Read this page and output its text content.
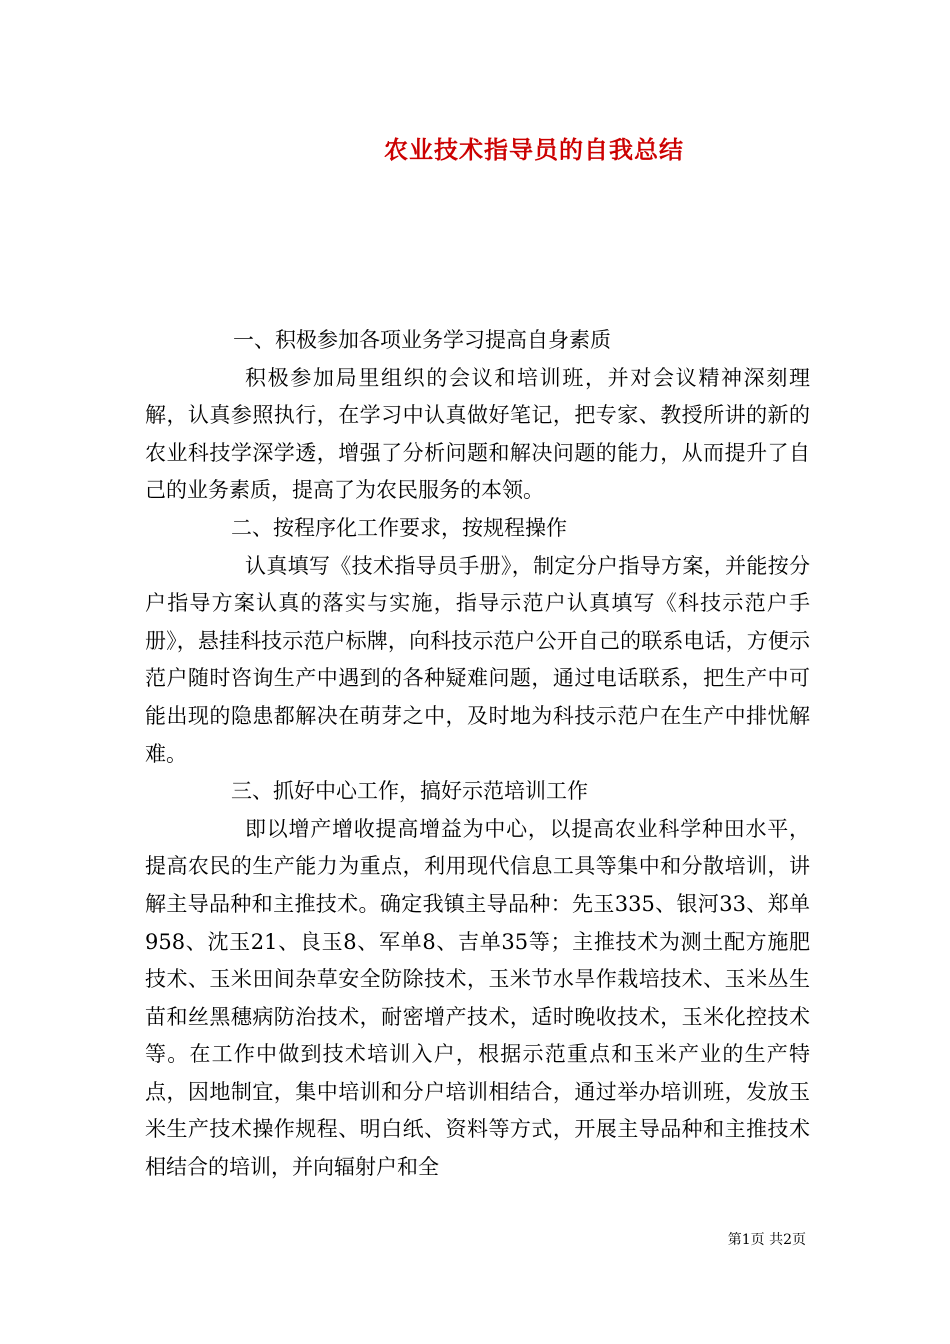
农业技术指导员的自我总结

一、积极参加各项业务学习提高自身素质

积极参加局里组织的会议和培训班，并对会议精神深刻理解，认真参照执行，在学习中认真做好笔记，把专家、教授所讲的新的农业科技学深学透，增强了分析问题和解决问题的能力，从而提升了自己的业务素质，提高了为农民服务的本领。

二、按程序化工作要求，按规程操作

认真填写《技术指导员手册》，制定分户指导方案，并能按分户指导方案认真的落实与实施，指导示范户认真填写《科技示范户手册》，悬挂科技示范户标牌，向科技示范户公开自己的联系电话，方便示范户随时咨询生产中遇到的各种疑难问题，通过电话联系，把生产中可能出现的隐患都解决在萌芽之中，及时地为科技示范户在生产中排忧解难。

三、抓好中心工作，搞好示范培训工作

即以增产增收提高增益为中心，以提高农业科学种田水平，提高农民的生产能力为重点，利用现代信息工具等集中和分散培训，讲解主导品种和主推技术。确定我镇主导品种：先玉335、银河33、郑单958、沈玉21、良玉8、军单8、吉单35等；主推技术为测土配方施肥技术、玉米田间杂草安全防除技术，玉米节水旱作栽培技术、玉米丛生苗和丝黑穗病防治技术，耐密增产技术，适时晚收技术，玉米化控技术等。在工作中做到技术培训入户，根据示范重点和玉米产业的生产特点，因地制宜，集中培训和分户培训相结合，通过举办培训班，发放玉米生产技术操作规程、明白纸、资料等方式，开展主导品种和主推技术相结合的培训，并向辐射户和全

第1页 共2页
